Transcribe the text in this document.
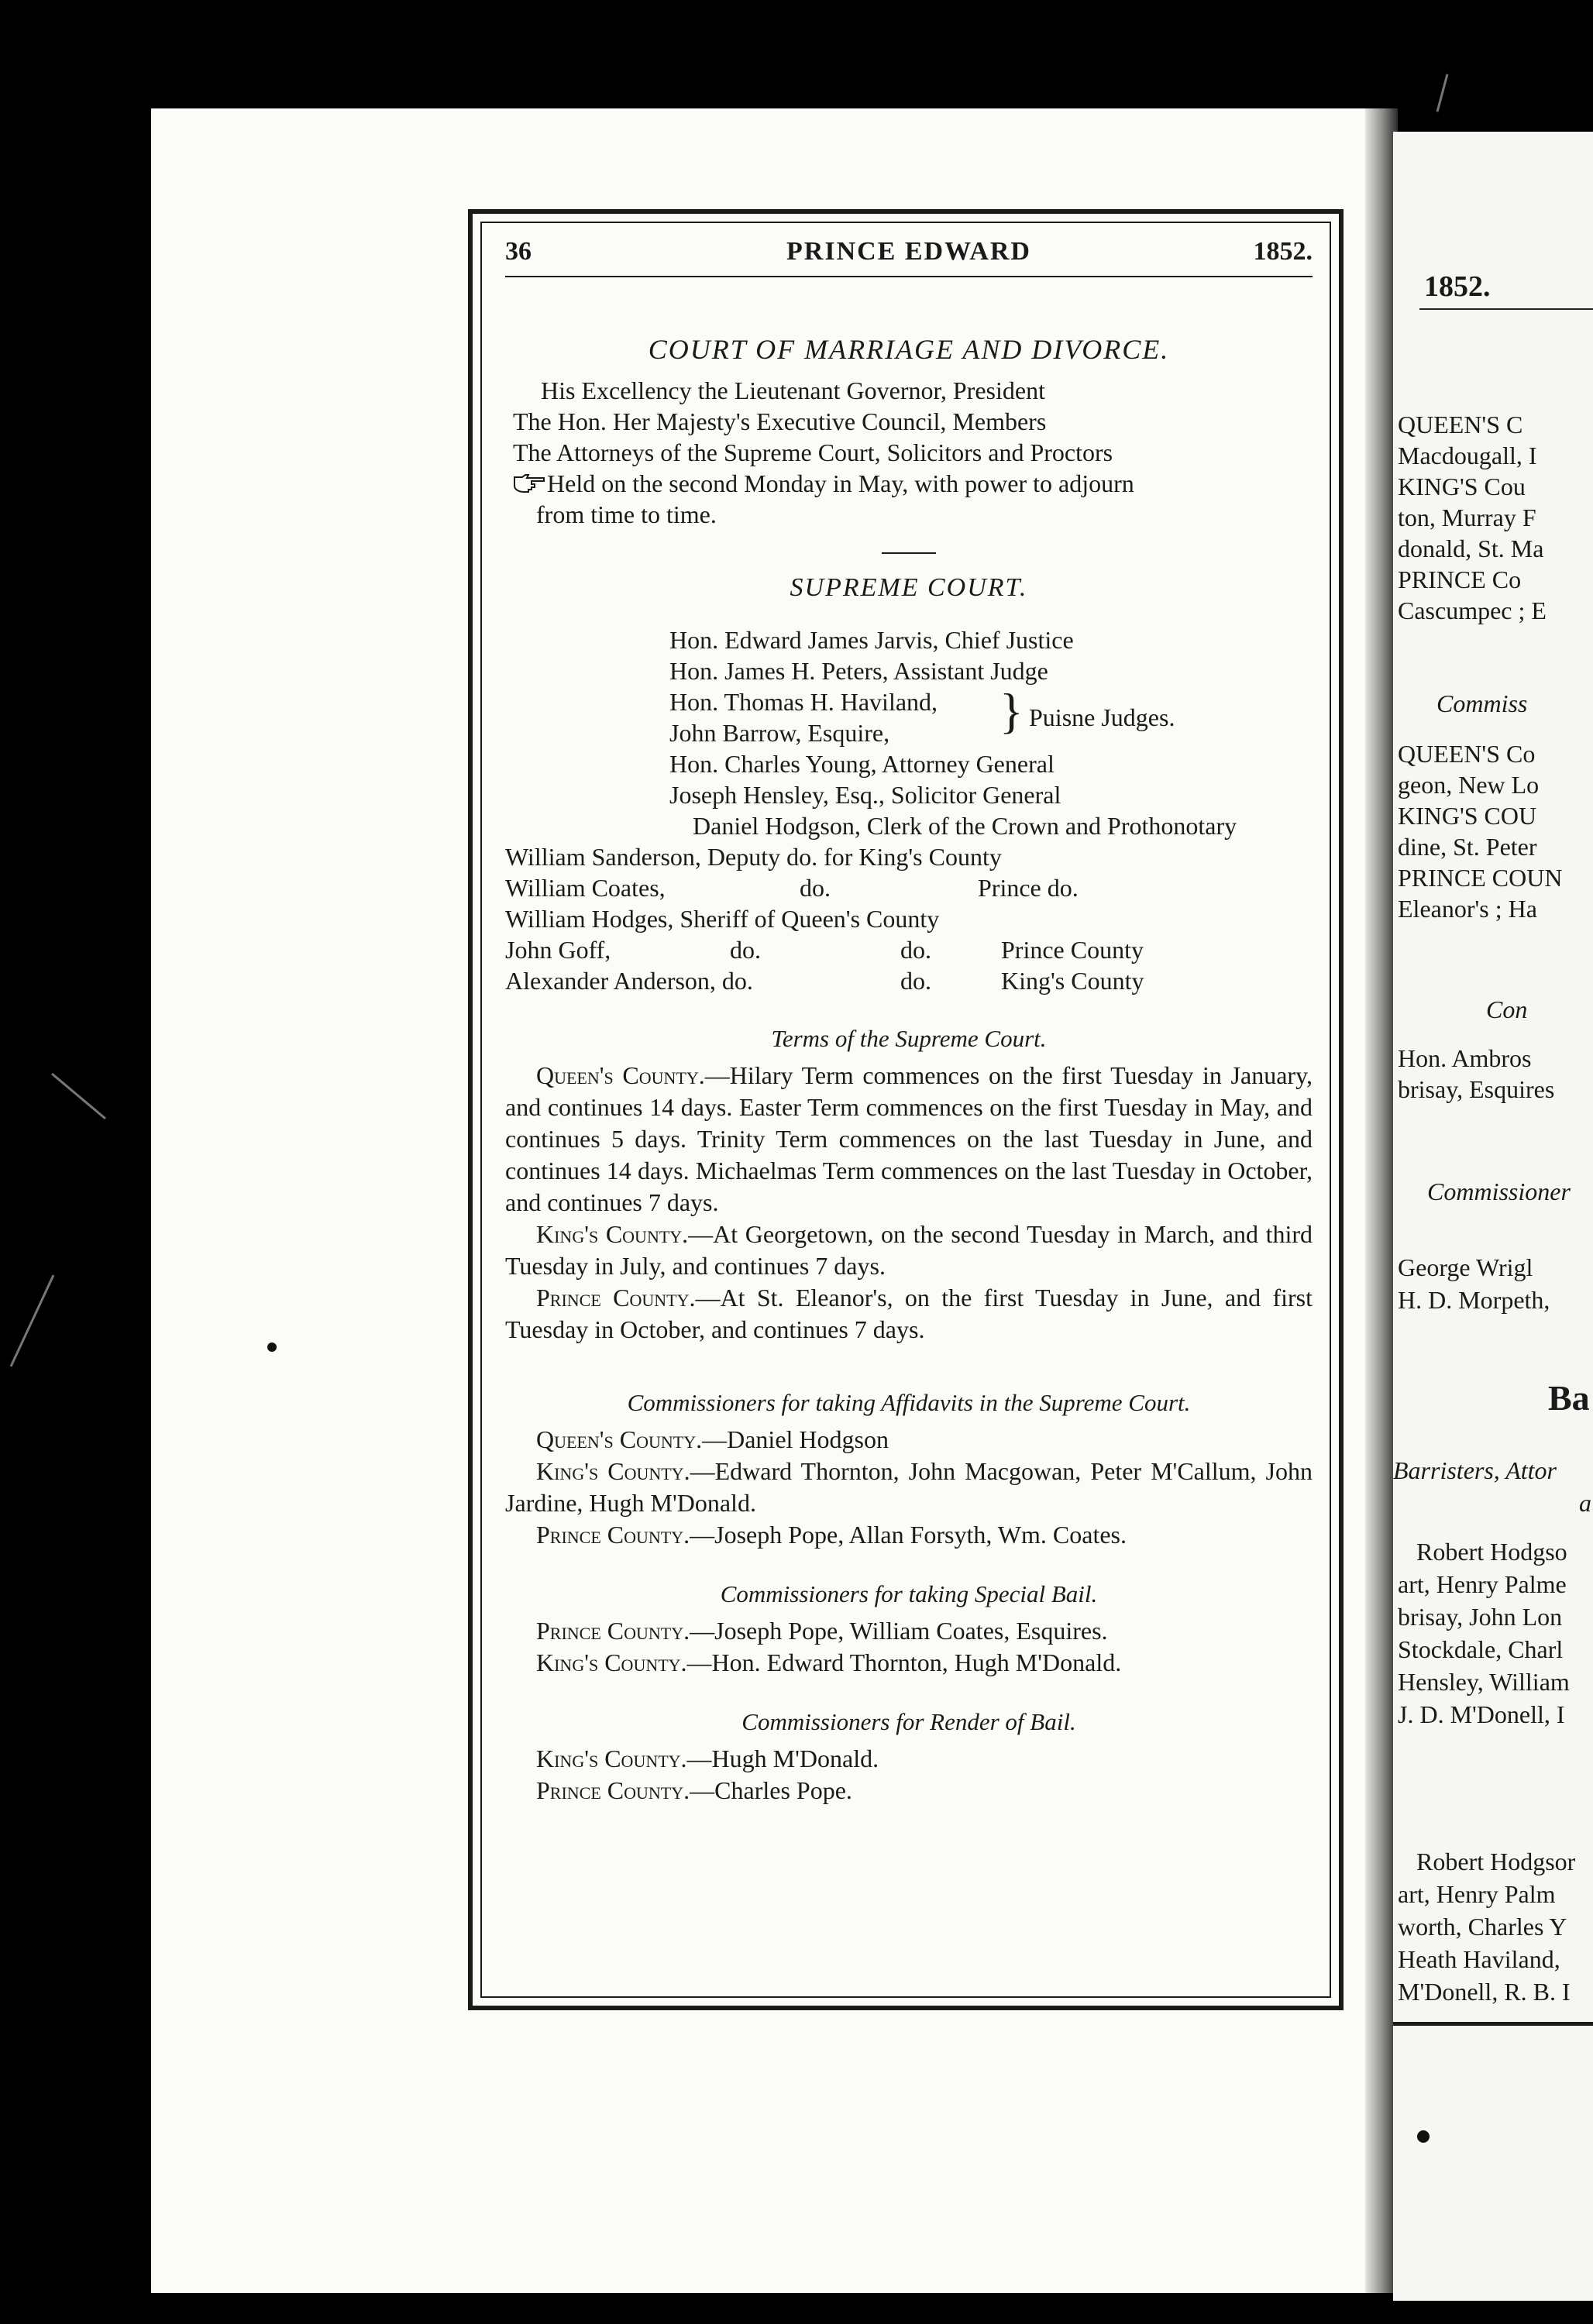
1852.
QUEEN'S C
Macdougall, I
KING'S Cou
ton, Murray F
donald, St. Ma
PRINCE Co
Cascumpec ; E
Commiss
QUEEN'S Co
geon, New Lo
KING'S COU
dine, St. Peter
PRINCE COUN
Eleanor's ; Ha
Con
Hon. Ambros
brisay, Esquires
Commissioner
George Wrigl
H. D. Morpeth,
Ba
Barristers, Attor
a
Robert Hodgso
art, Henry Palme
brisay, John Lon
Stockdale, Charl
Hensley, William
J. D. M'Donell, I
Robert Hodgsor
art, Henry Palm
worth, Charles Y
Heath Haviland,
M'Donell, R. B. I
36	PRINCE EDWARD	1852.
COURT OF MARRIAGE AND DIVORCE.
His Excellency the Lieutenant Governor, President
The Hon. Her Majesty's Executive Council, Members
The Attorneys of the Supreme Court, Solicitors and Proctors
Held on the second Monday in May, with power to adjourn
from time to time.
SUPREME COURT.
Hon. Edward James Jarvis, Chief Justice
Hon. James H. Peters, Assistant Judge
Hon. Thomas H. Haviland,
John Barrow, Esquire, } Puisne Judges.
Hon. Charles Young, Attorney General
Joseph Hensley, Esq., Solicitor General
Daniel Hodgson, Clerk of the Crown and Prothonotary
William Sanderson, Deputy do. for King's County
William Coates,	do.	Prince do.
William Hodges, Sheriff of Queen's County
John Goff,	do.	do.	Prince County
Alexander Anderson, do.	do.	King's County
Terms of the Supreme Court.
Queen's County.—Hilary Term commences on the first Tuesday in January, and continues 14 days. Easter Term commences on the first Tuesday in May, and continues 5 days. Trinity Term commences on the last Tuesday in June, and continues 14 days. Michaelmas Term commences on the last Tuesday in October, and continues 7 days.
King's County.—At Georgetown, on the second Tuesday in March, and third Tuesday in July, and continues 7 days.
Prince County.—At St. Eleanor's, on the first Tuesday in June, and first Tuesday in October, and continues 7 days.
Commissioners for taking Affidavits in the Supreme Court.
Queen's County.—Daniel Hodgson
King's County.—Edward Thornton, John Macgowan, Peter M'Callum, John Jardine, Hugh M'Donald.
Prince County.—Joseph Pope, Allan Forsyth, Wm. Coates.
Commissioners for taking Special Bail.
Prince County.—Joseph Pope, William Coates, Esquires.
King's County.—Hon. Edward Thornton, Hugh M'Donald.
Commissioners for Render of Bail.
King's County.—Hugh M'Donald.
Prince County.—Charles Pope.
